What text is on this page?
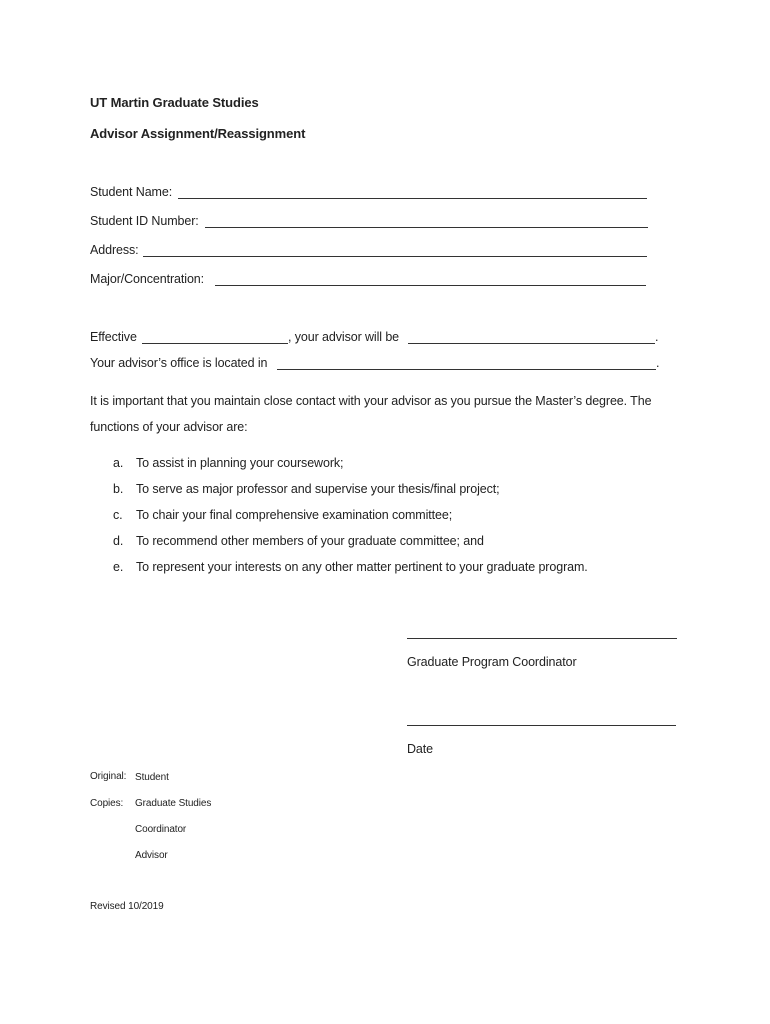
UT Martin Graduate Studies
Advisor Assignment/Reassignment
Student Name:
Student ID Number:
Address:
Major/Concentration:
Effective	, your advisor will be	.
Your advisor’s office is located in	.
It is important that you maintain close contact with your advisor as you pursue the Master’s degree. The
functions of your advisor are:
a. To assist in planning your coursework;
b. To serve as major professor and supervise your thesis/final project;
c. To chair your final comprehensive examination committee;
d. To recommend other members of your graduate committee; and
e. To represent your interests on any other matter pertinent to your graduate program.
Graduate Program Coordinator
Date
Original: Student
Copies: Graduate Studies
Coordinator
Advisor
Revised 10/2019
